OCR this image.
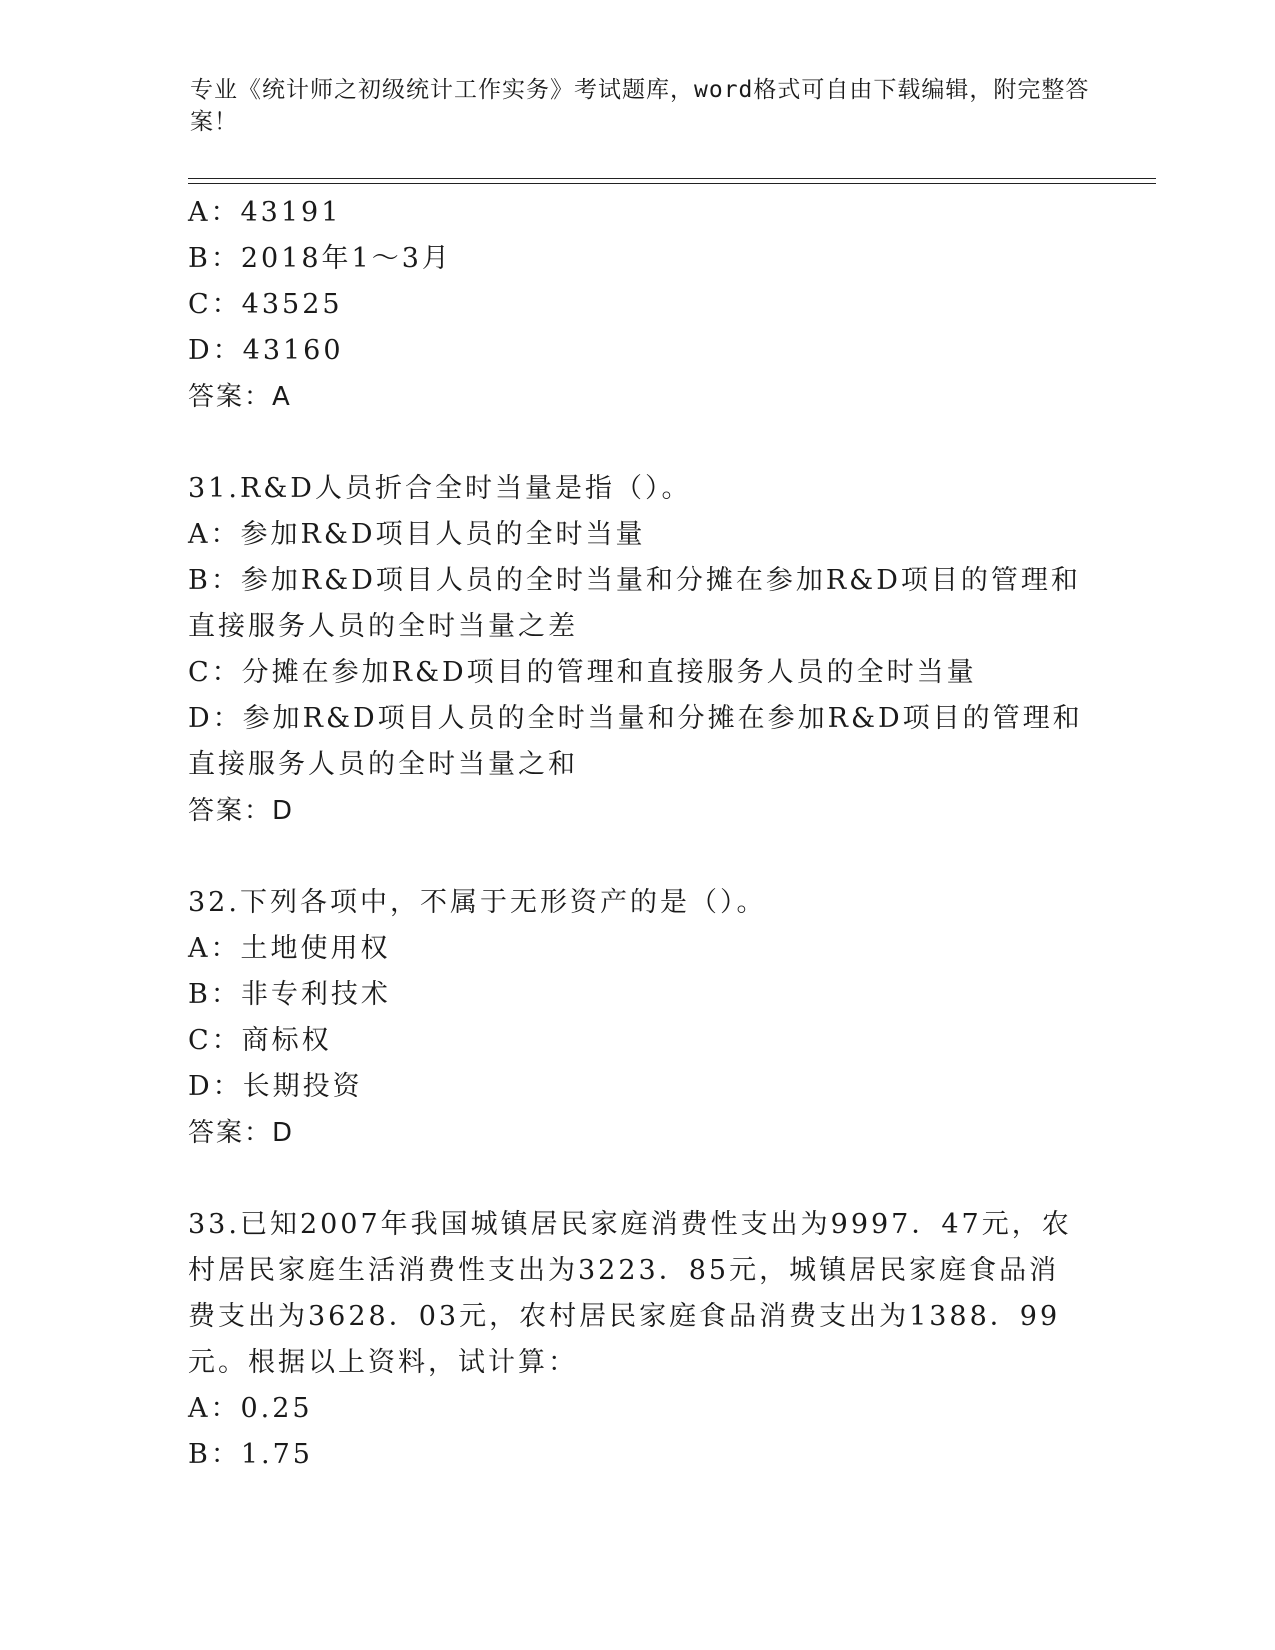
专业《统计师之初级统计工作实务》考试题库，word格式可自由下载编辑，附完整答案！
A：43191
B：2018年1～3月
C：43525
D：43160
答案：A
31.R&D人员折合全时当量是指（）。
A：参加R&D项目人员的全时当量
B：参加R&D项目人员的全时当量和分摊在参加R&D项目的管理和直接服务人员的全时当量之差
C：分摊在参加R&D项目的管理和直接服务人员的全时当量
D：参加R&D项目人员的全时当量和分摊在参加R&D项目的管理和直接服务人员的全时当量之和
答案：D
32.下列各项中，不属于无形资产的是（）。
A：土地使用权
B：非专利技术
C：商标权
D：长期投资
答案：D
33.已知2007年我国城镇居民家庭消费性支出为9997．47元，农村居民家庭生活消费性支出为3223．85元，城镇居民家庭食品消费支出为3628．03元，农村居民家庭食品消费支出为1388．99元。根据以上资料，试计算：
A：0.25
B：1.75
